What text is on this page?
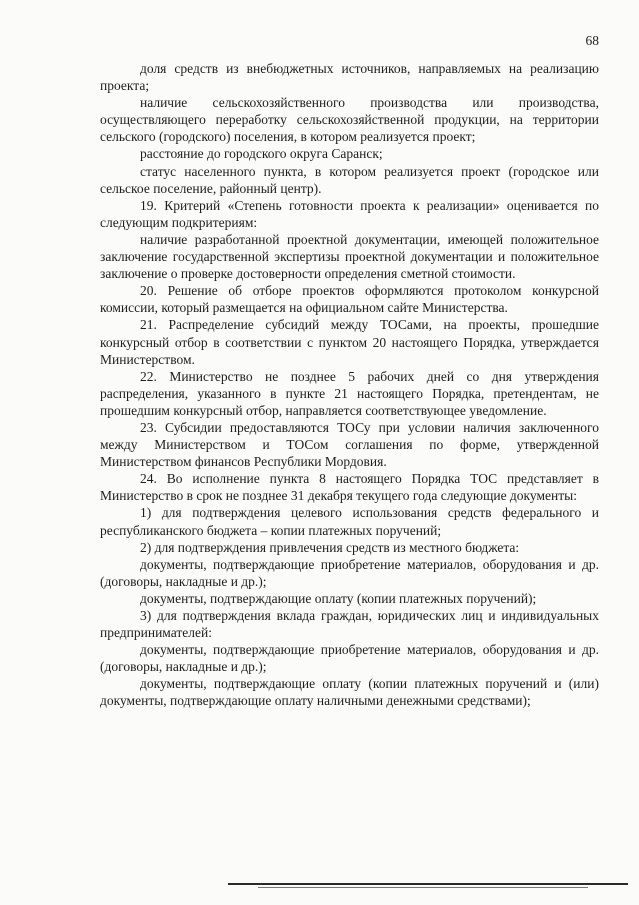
68

доля средств из внебюджетных источников, направляемых на реализацию проекта;

наличие сельскохозяйственного производства или производства, осуществляющего переработку сельскохозяйственной продукции, на территории сельского (городского) поселения, в котором реализуется проект;

расстояние до городского округа Саранск;

статус населенного пункта, в котором реализуется проект (городское или сельское поселение, районный центр).

19. Критерий «Степень готовности проекта к реализации» оценивается по следующим подкритериям:

наличие разработанной проектной документации, имеющей положительное заключение государственной экспертизы проектной документации и положительное заключение о проверке достоверности определения сметной стоимости.

20. Решение об отборе проектов оформляются протоколом конкурсной комиссии, который размещается на официальном сайте Министерства.

21. Распределение субсидий между ТОСами, на проекты, прошедшие конкурсный отбор в соответствии с пунктом 20 настоящего Порядка, утверждается Министерством.

22. Министерство не позднее 5 рабочих дней со дня утверждения распределения, указанного в пункте 21 настоящего Порядка, претендентам, не прошедшим конкурсный отбор, направляется соответствующее уведомление.

23. Субсидии предоставляются ТОСу при условии наличия заключенного между Министерством и ТОСом соглашения по форме, утвержденной Министерством финансов Республики Мордовия.

24. Во исполнение пункта 8 настоящего Порядка ТОС представляет в Министерство в срок не позднее 31 декабря текущего года следующие документы:

1) для подтверждения целевого использования средств федерального и республиканского бюджета – копии платежных поручений;

2) для подтверждения привлечения средств из местного бюджета:

документы, подтверждающие приобретение материалов, оборудования и др. (договоры, накладные и др.);

документы, подтверждающие оплату (копии платежных поручений);

3) для подтверждения вклада граждан, юридических лиц и индивидуальных предпринимателей:

документы, подтверждающие приобретение материалов, оборудования и др. (договоры, накладные и др.);

документы, подтверждающие оплату (копии платежных поручений и (или) документы, подтверждающие оплату наличными денежными средствами);
